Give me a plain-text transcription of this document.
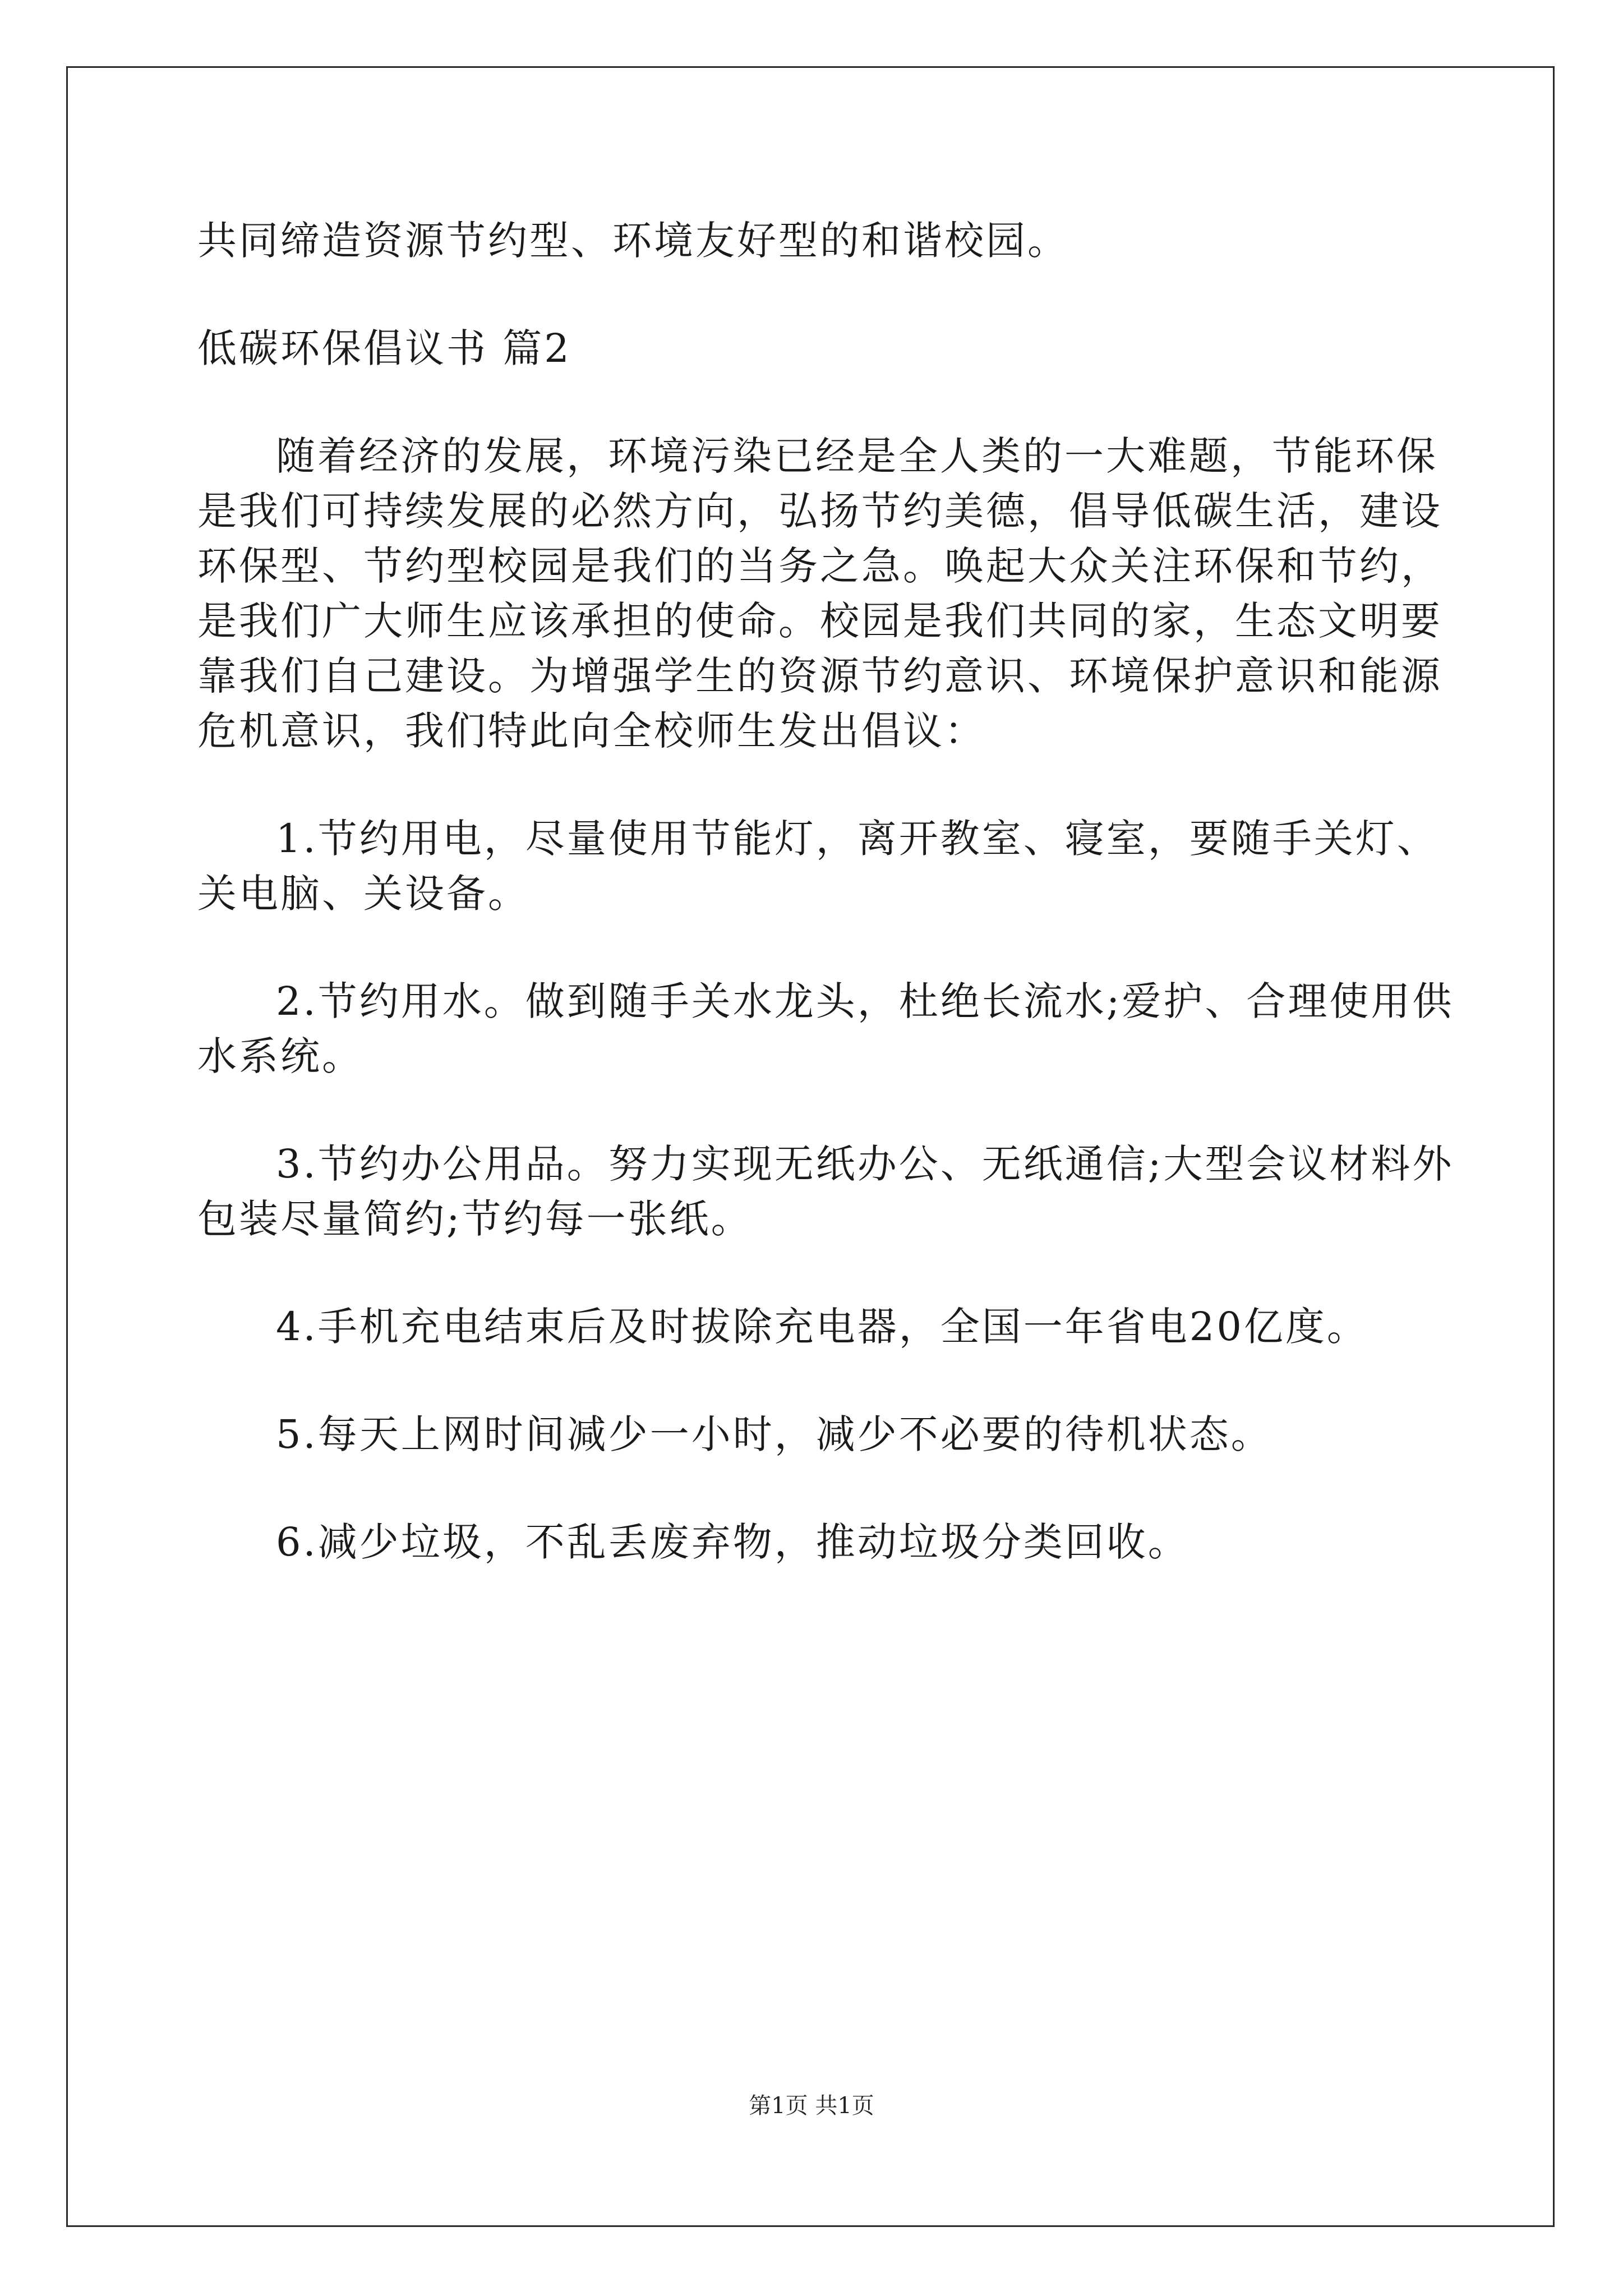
共同缔造资源节约型、环境友好型的和谐校园。

低碳环保倡议书 篇2

随着经济的发展，环境污染已经是全人类的一大难题，节能环保

是我们可持续发展的必然方向，弘扬节约美德，倡导低碳生活，建设

环保型、节约型校园是我们的当务之急。唤起大众关注环保和节约，

是我们广大师生应该承担的使命。校园是我们共同的家，生态文明要

靠我们自己建设。为增强学生的资源节约意识、环境保护意识和能源

危机意识，我们特此向全校师生发出倡议：

1.节约用电，尽量使用节能灯，离开教室、寝室，要随手关灯、

关电脑、关设备。

2.节约用水。做到随手关水龙头，杜绝长流水;爱护、合理使用供

水系统。

3.节约办公用品。努力实现无纸办公、无纸通信;大型会议材料外

包装尽量简约;节约每一张纸。

4.手机充电结束后及时拔除充电器，全国一年省电20亿度。

5.每天上网时间减少一小时，减少不必要的待机状态。

6.减少垃圾，不乱丢废弃物，推动垃圾分类回收。

第1页 共1页
